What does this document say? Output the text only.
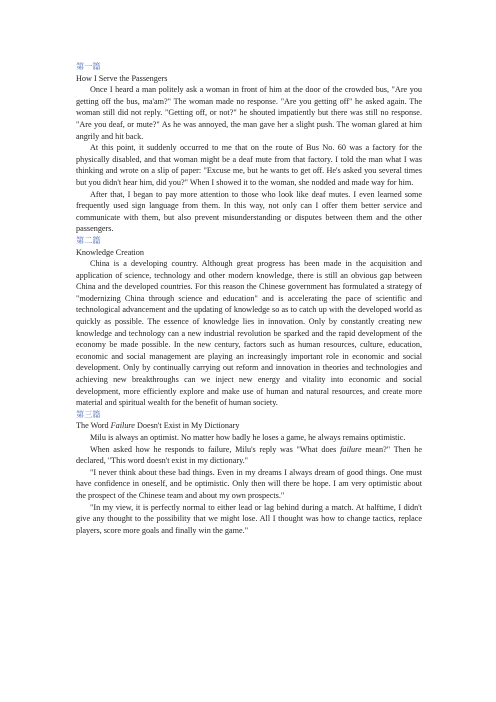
第一篇

How I Serve the Passengers

Once I heard a man politely ask a woman in front of him at the door of the crowded bus, "Are you getting off the bus, ma'am?" The woman made no response. "Are you getting off" he asked again. The woman still did not reply. "Getting off, or not?" he shouted impatiently but there was still no response. "Are you deaf, or mute?" As he was annoyed, the man gave her a slight push. The woman glared at him angrily and hit back.

At this point, it suddenly occurred to me that on the route of Bus No. 60 was a factory for the physically disabled, and that woman might be a deaf mute from that factory. I told the man what I was thinking and wrote on a slip of paper: "Excuse me, but he wants to get off. He's asked you several times but you didn't hear him, did you?" When I showed it to the woman, she nodded and made way for him.

After that, I began to pay more attention to those who look like deaf mutes. I even learned some frequently used sign language from them. In this way, not only can I offer them better service and communicate with them, but also prevent misunderstanding or disputes between them and the other passengers.

第二篇

Knowledge Creation

China is a developing country. Although great progress has been made in the acquisition and application of science, technology and other modern knowledge, there is still an obvious gap between China and the developed countries. For this reason the Chinese government has formulated a strategy of "modernizing China through science and education" and is accelerating the pace of scientific and technological advancement and the updating of knowledge so as to catch up with the developed world as quickly as possible. The essence of knowledge lies in innovation. Only by constantly creating new knowledge and technology can a new industrial revolution be sparked and the rapid development of the economy be made possible. In the new century, factors such as human resources, culture, education, economic and social management are playing an increasingly important role in economic and social development. Only by continually carrying out reform and innovation in theories and technologies and achieving new breakthroughs can we inject new energy and vitality into economic and social development, more efficiently explore and make use of human and natural resources, and create more material and spiritual wealth for the benefit of human society.

第三篇

The Word Failure Doesn't Exist in My Dictionary

Milu is always an optimist. No matter how badly he loses a game, he always remains optimistic.

When asked how he responds to failure, Milu's reply was "What does failure mean?" Then he declared, "This word doesn't exist in my dictionary."

"I never think about these bad things. Even in my dreams I always dream of good things. One must have confidence in oneself, and be optimistic. Only then will there be hope. I am very optimistic about the prospect of the Chinese team and about my own prospects."

"In my view, it is perfectly normal to either lead or lag behind during a match. At halftime, I didn't give any thought to the possibility that we might lose. All I thought was how to change tactics, replace players, score more goals and finally win the game."
